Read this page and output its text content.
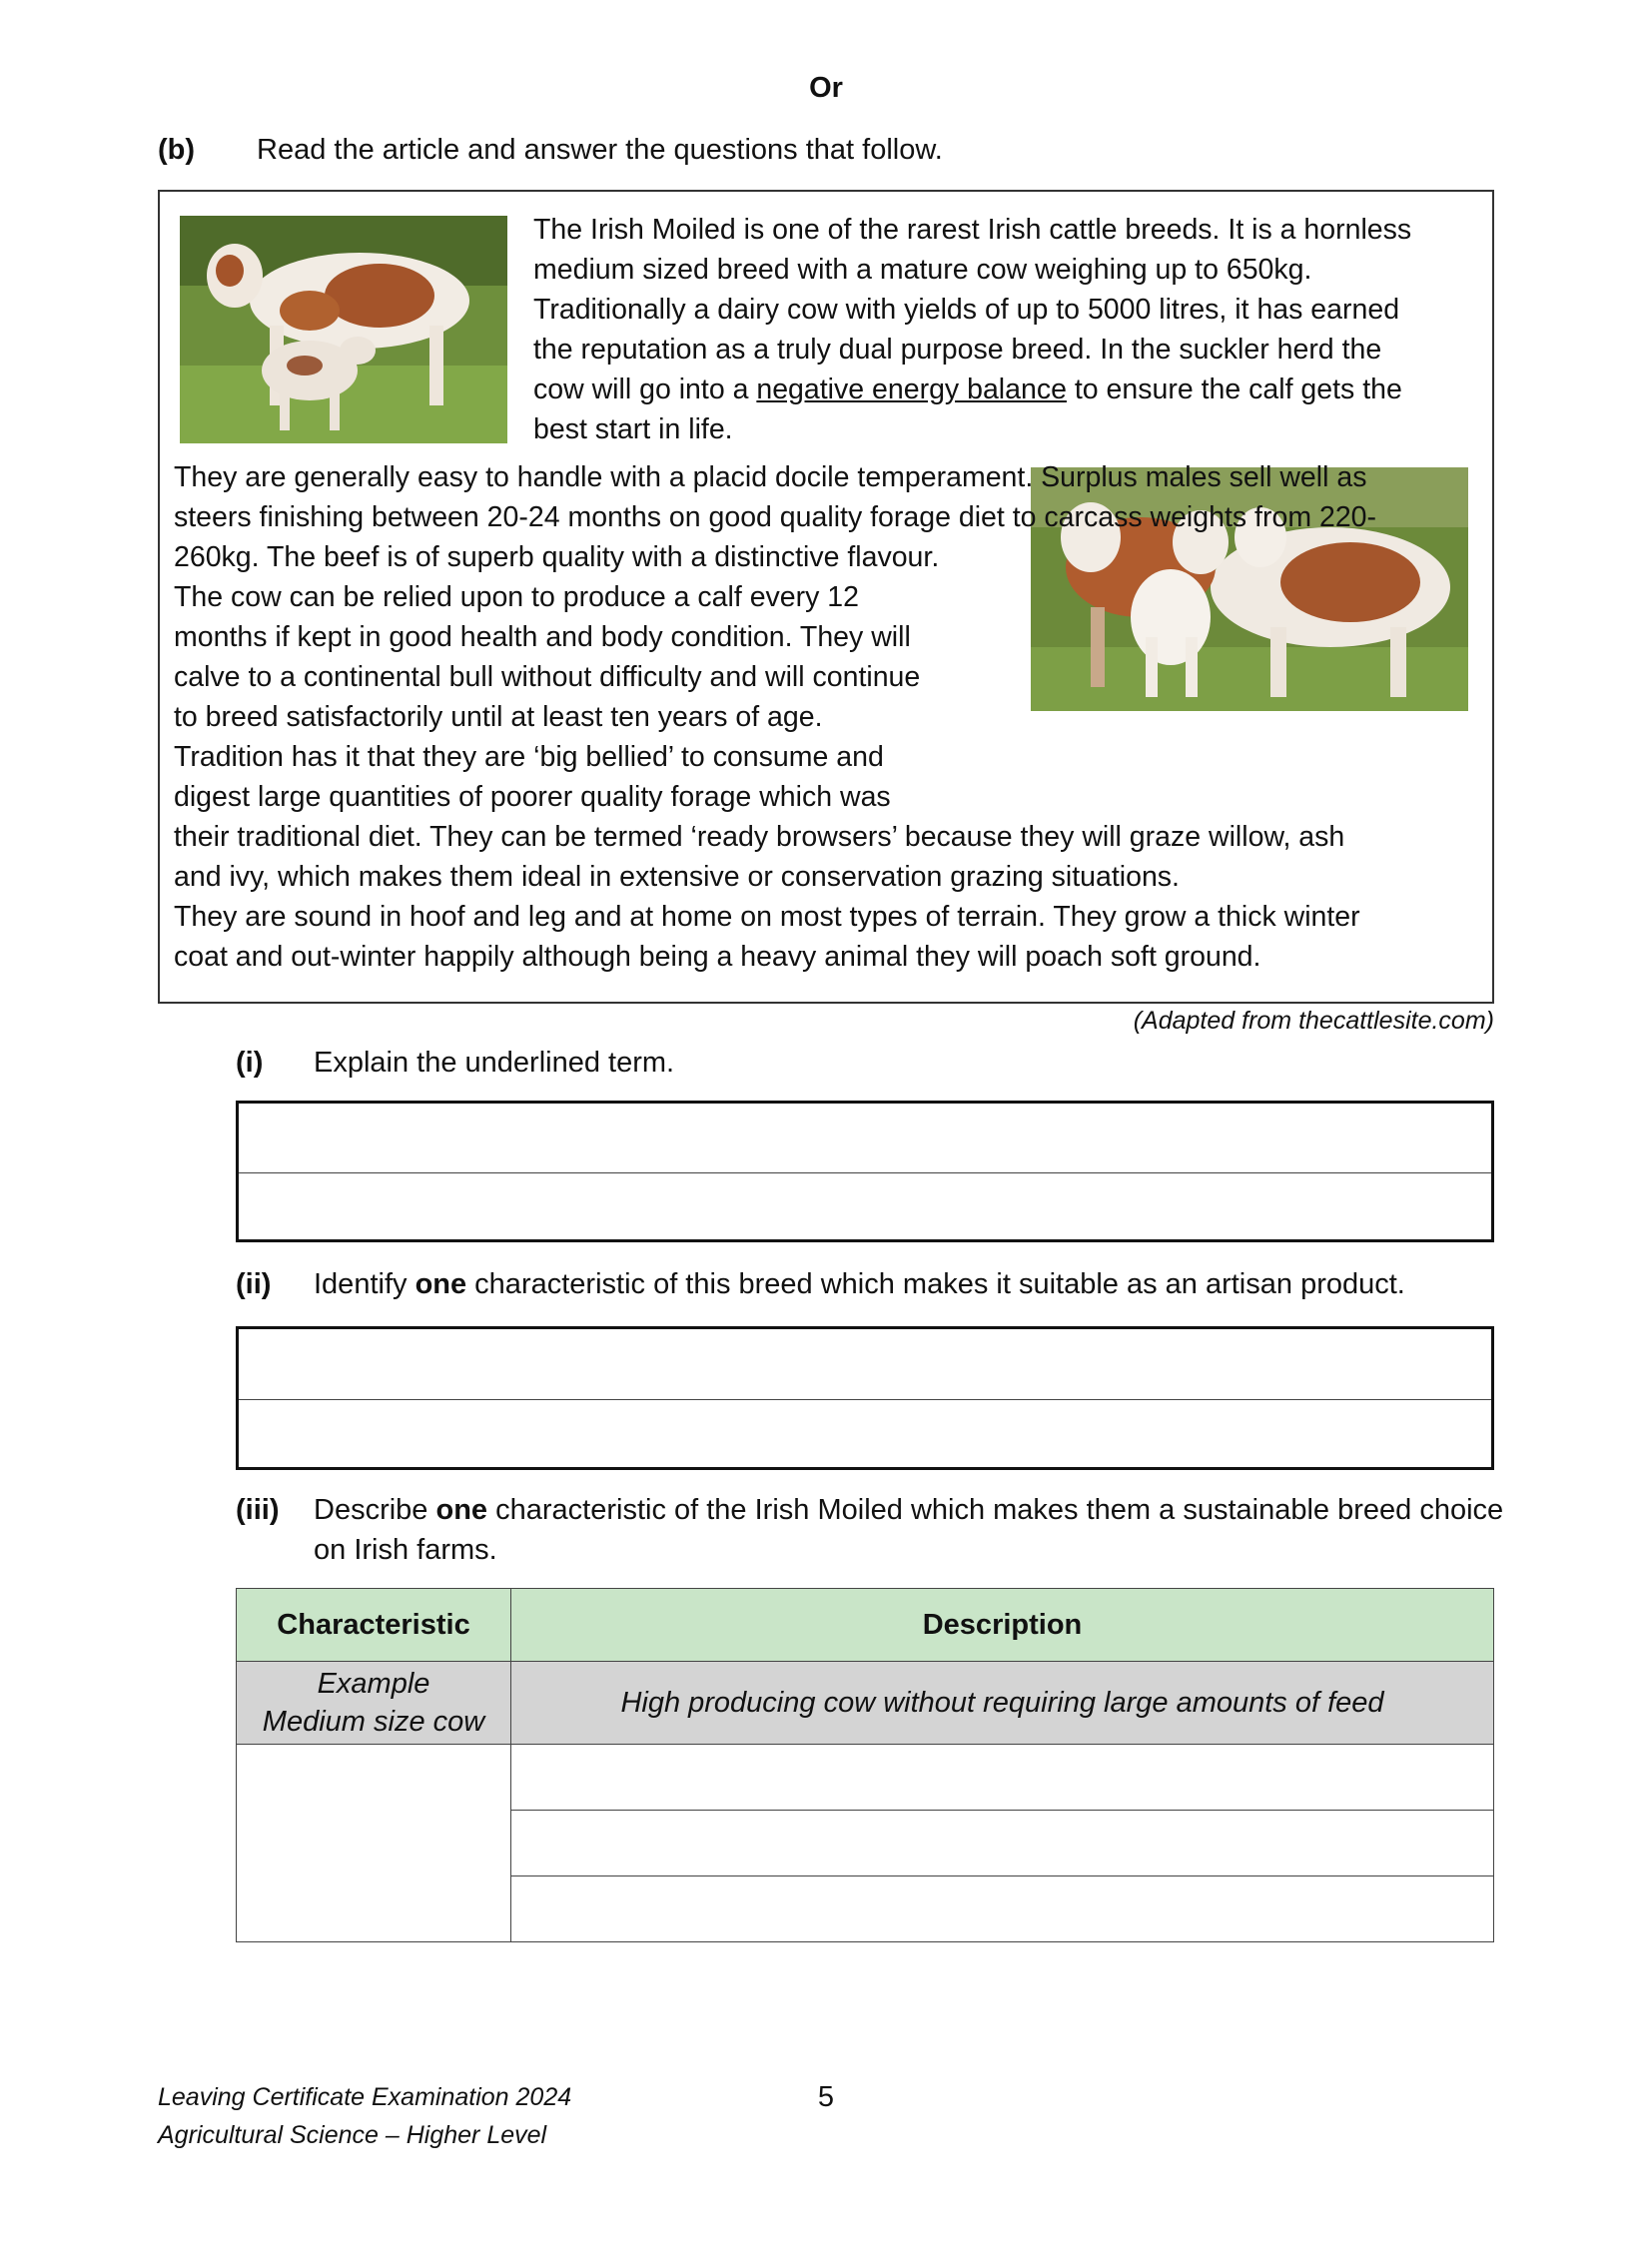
Or
(b) Read the article and answer the questions that follow.
The Irish Moiled is one of the rarest Irish cattle breeds. It is a hornless
medium sized breed with a mature cow weighing up to 650kg.
Traditionally a dairy cow with yields of up to 5000 litres, it has earned
the reputation as a truly dual purpose breed. In the suckler herd the
cow will go into a negative energy balance to ensure the calf gets the
best start in life.
They are generally easy to handle with a placid docile temperament. Surplus males sell well as
steers finishing between 20-24 months on good quality forage diet to carcass weights from 220-
260kg. The beef is of superb quality with a distinctive flavour.
The cow can be relied upon to produce a calf every 12
months if kept in good health and body condition. They will
calve to a continental bull without difficulty and will continue
to breed satisfactorily until at least ten years of age.
Tradition has it that they are ‘big bellied’ to consume and
digest large quantities of poorer quality forage which was
their traditional diet. They can be termed ‘ready browsers’ because they will graze willow, ash
and ivy, which makes them ideal in extensive or conservation grazing situations.
They are sound in hoof and leg and at home on most types of terrain. They grow a thick winter
coat and out-winter happily although being a heavy animal they will poach soft ground.
(Adapted from thecattlesite.com)
(i) Explain the underlined term.
(ii) Identify one characteristic of this breed which makes it suitable as an artisan product.
(iii) Describe one characteristic of the Irish Moiled which makes them a sustainable breed choice
on Irish farms.
Characteristic	Description

Example
Medium size cow	High producing cow without requiring large amounts of feed

Leaving Certificate Examination 2024
Agricultural Science – Higher Level
5
